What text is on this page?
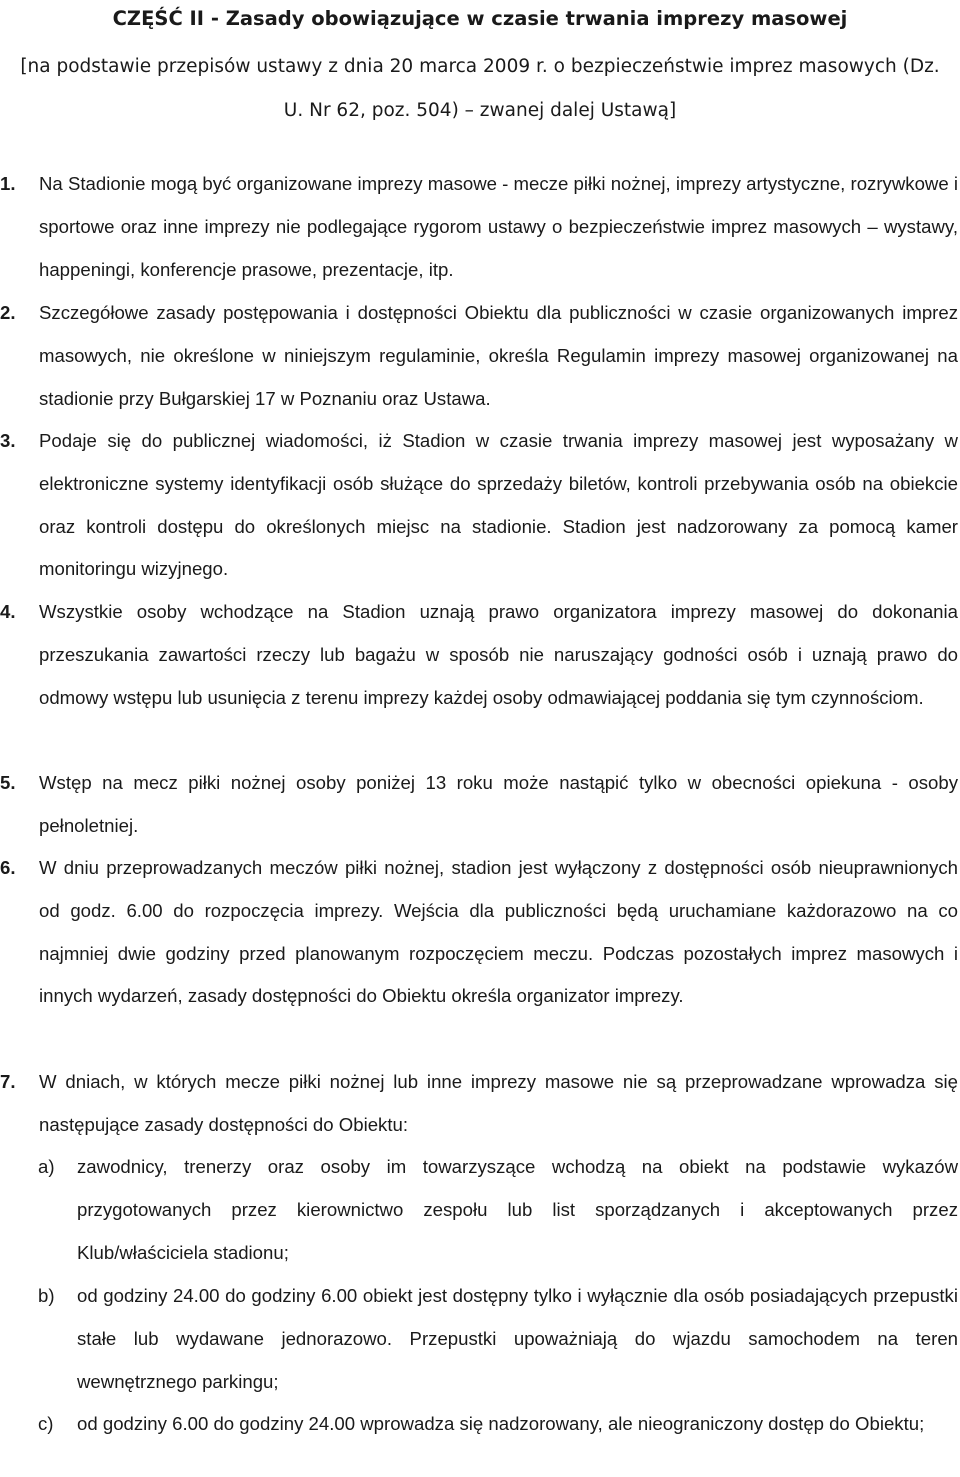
CZĘŚĆ II - Zasady obowiązujące w czasie trwania imprezy masowej
[na podstawie przepisów ustawy z dnia 20 marca 2009 r. o bezpieczeństwie imprez masowych (Dz.
U. Nr 62, poz. 504) – zwanej dalej Ustawą]
1.	Na Stadionie mogą być organizowane imprezy masowe - mecze piłki nożnej, imprezy artystyczne, rozrywkowe i sportowe oraz inne imprezy nie podlegające rygorom ustawy o bezpieczeństwie imprez masowych – wystawy, happeningi, konferencje prasowe, prezentacje, itp.
2.	Szczegółowe zasady postępowania i dostępności Obiektu dla publiczności w czasie organizowanych imprez masowych, nie określone w niniejszym regulaminie, określa Regulamin imprezy masowej organizowanej na stadionie przy Bułgarskiej 17 w Poznaniu oraz Ustawa.
3.	Podaje się do publicznej wiadomości, iż Stadion w czasie trwania imprezy masowej jest wyposażany w elektroniczne systemy identyfikacji osób służące do sprzedaży biletów, kontroli przebywania osób na obiekcie oraz kontroli dostępu do określonych miejsc na stadionie. Stadion jest nadzorowany za pomocą kamer monitoringu wizyjnego.
4.	Wszystkie osoby wchodzące na Stadion uznają prawo organizatora imprezy masowej do dokonania przeszukania zawartości rzeczy lub bagażu w sposób nie naruszający godności osób i uznają prawo do odmowy wstępu lub usunięcia z terenu imprezy każdej osoby odmawiającej poddania się tym czynnościom.
5.	Wstęp na mecz piłki nożnej osoby poniżej 13 roku może nastąpić tylko w obecności opiekuna - osoby pełnoletniej.
6.	W dniu przeprowadzanych meczów piłki nożnej, stadion jest wyłączony z dostępności osób nieuprawnionych od godz. 6.00 do rozpoczęcia imprezy. Wejścia dla publiczności będą uruchamiane każdorazowo na co najmniej dwie godziny przed planowanym rozpoczęciem meczu. Podczas pozostałych imprez masowych i innych wydarzeń, zasady dostępności do Obiektu określa organizator imprezy.
7.	W dniach, w których mecze piłki nożnej lub inne imprezy masowe nie są przeprowadzane wprowadza się następujące zasady dostępności do Obiektu:
a) zawodnicy, trenerzy oraz osoby im towarzyszące wchodzą na obiekt na podstawie wykazów przygotowanych przez kierownictwo zespołu lub list sporządzanych i akceptowanych przez Klub/właściciela stadionu;
b) od godziny 24.00 do godziny 6.00 obiekt jest dostępny tylko i wyłącznie dla osób posiadających przepustki stałe lub wydawane jednorazowo. Przepustki upoważniają do wjazdu samochodem na teren wewnętrznego parkingu;
c) od godziny 6.00 do godziny 24.00 wprowadza się nadzorowany, ale nieograniczony dostęp do Obiektu;
